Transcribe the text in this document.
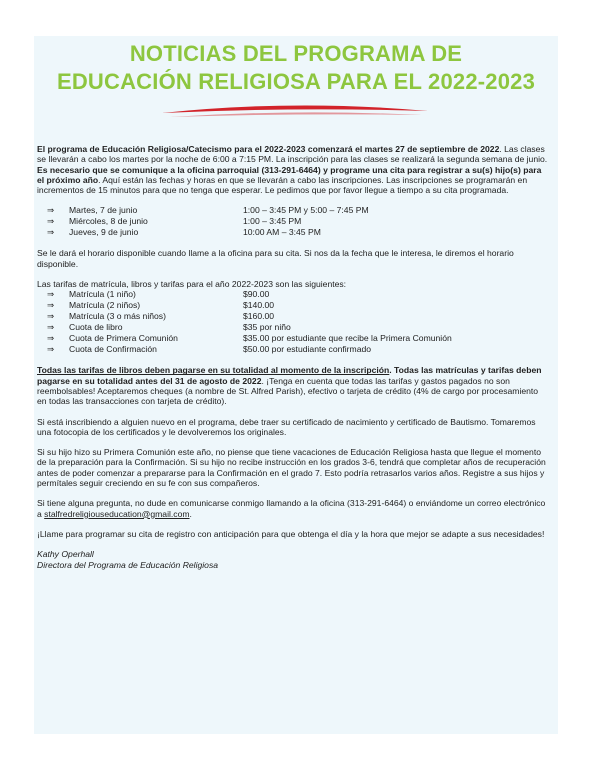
NOTICIAS DEL PROGRAMA DE
EDUCACIÓN RELIGIOSA PARA EL 2022-2023

El programa de Educación Religiosa/Catecismo para el 2022-2023 comenzará el martes 27 de septiembre de 2022. Las clases se llevarán a cabo los martes por la noche de 6:00 a 7:15 PM. La inscripción para las clases se realizará la segunda semana de junio. Es necesario que se comunique a la oficina parroquial (313-291-6464) y programe una cita para registrar a su(s) hijo(s) para el próximo año. Aquí están las fechas y horas en que se llevarán a cabo las inscripciones. Las inscripciones se programarán en incrementos de 15 minutos para que no tenga que esperar. Le pedimos que por favor llegue a tiempo a su cita programada.

⇒	Martes, 7 de junio	1:00 – 3:45 PM y 5:00 – 7:45 PM
⇒	Miércoles, 8 de junio	1:00 – 3:45 PM
⇒	Jueves, 9 de junio	10:00 AM – 3:45 PM

Se le dará el horario disponible cuando llame a la oficina para su cita. Si nos da la fecha que le interesa, le diremos el horario disponible.

Las tarifas de matrícula, libros y tarifas para el año 2022-2023 son las siguientes:

⇒	Matrícula (1 niño)	$90.00
⇒	Matrícula (2 niños)	$140.00
⇒	Matrícula (3 o más niños)	$160.00
⇒	Cuota de libro	$35 por niño
⇒	Cuota de Primera Comunión	$35.00 por estudiante que recibe la Primera Comunión
⇒	Cuota de Confirmación	$50.00 por estudiante confirmado

Todas las tarifas de libros deben pagarse en su totalidad al momento de la inscripción. Todas las matrículas y tarifas deben pagarse en su totalidad antes del 31 de agosto de 2022. ¡Tenga en cuenta que todas las tarifas y gastos pagados no son reembolsables! Aceptaremos cheques (a nombre de St. Alfred Parish), efectivo o tarjeta de crédito (4% de cargo por procesamiento en todas las transacciones con tarjeta de crédito).

Si está inscribiendo a alguien nuevo en el programa, debe traer su certificado de nacimiento y certificado de Bautismo. Tomaremos una fotocopia de los certificados y le devolveremos los originales.

Si su hijo hizo su Primera Comunión este año, no piense que tiene vacaciones de Educación Religiosa hasta que llegue el momento de la preparación para la Confirmación. Si su hijo no recibe instrucción en los grados 3-6, tendrá que completar años de recuperación antes de poder comenzar a prepararse para la Confirmación en el grado 7. Esto podría retrasarlos varios años. Registre a sus hijos y permítales seguir creciendo en su fe con sus compañeros.

Si tiene alguna pregunta, no dude en comunicarse conmigo llamando a la oficina (313-291-6464) o enviándome un correo electrónico a stalfredreligiouseducation@gmail.com.

¡Llame para programar su cita de registro con anticipación para que obtenga el día y la hora que mejor se adapte a sus necesidades!

Kathy Operhall

Directora del Programa de Educación Religiosa
